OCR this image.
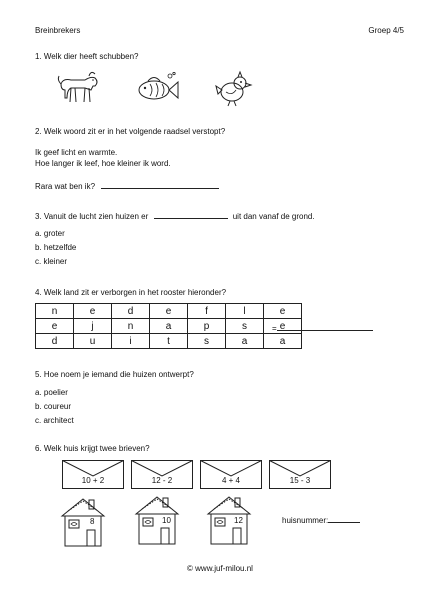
Breinbrekers	Groep 4/5
1. Welk dier heeft schubben?
2. Welk woord zit er in het volgende raadsel verstopt?
Ik geef licht en warmte.
Hoe langer ik leef, hoe kleiner ik word.
Rara wat ben ik?
3. Vanuit de lucht zien huizen er	uit dan vanaf de grond.
a. groter
b. hetzelfde
c. kleiner
4. Welk land zit er verborgen in het rooster hieronder?
n	e	d	e	f	l	e
e	j	n	a	p	s	e
d	u	i	t	s	a	a
=
5. Hoe noem je iemand die huizen ontwerpt?
a. poelier
b. coureur
c. architect
6. Welk huis krijgt twee brieven?
10 + 2	12 - 2	4 + 4	15 - 3
8	10	12	huisnummer:
© www.juf-milou.nl
